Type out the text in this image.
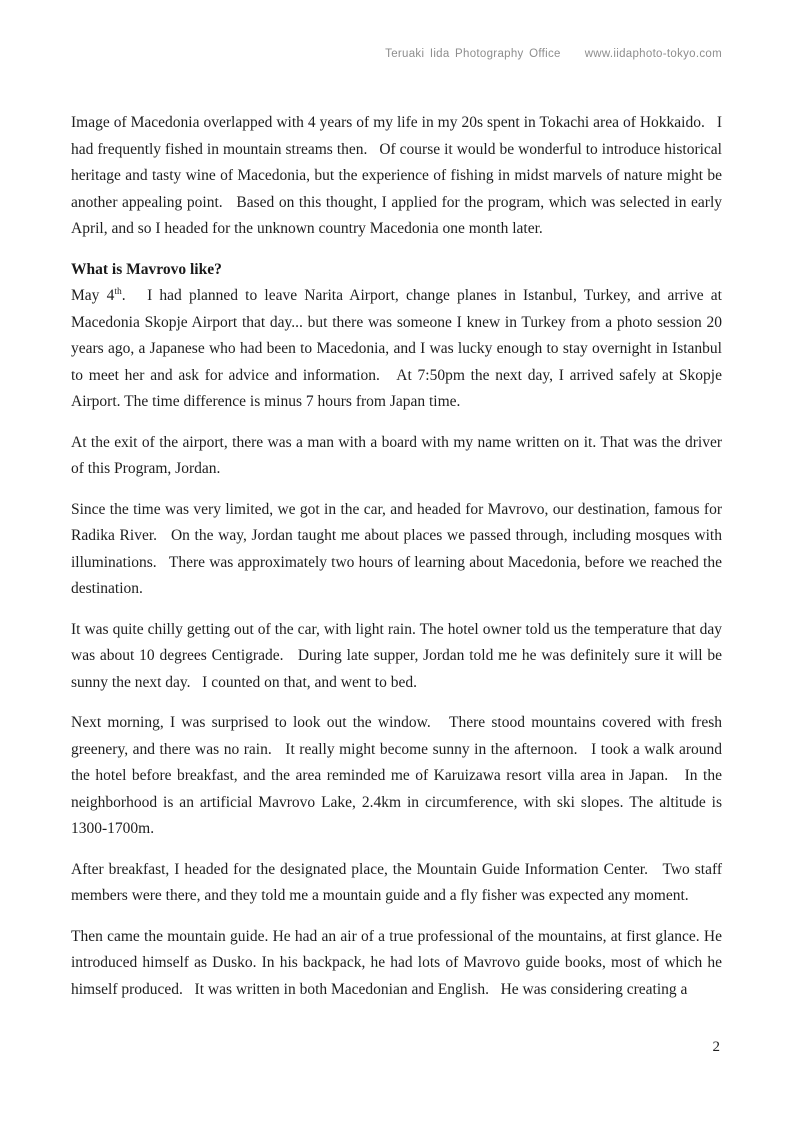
Teruaki Iida Photography Office www.iidaphoto-tokyo.com

Image of Macedonia overlapped with 4 years of my life in my 20s spent in Tokachi area of Hokkaido.   I had frequently fished in mountain streams then.   Of course it would be wonderful to introduce historical heritage and tasty wine of Macedonia, but the experience of fishing in midst marvels of nature might be another appealing point.   Based on this thought, I applied for the program, which was selected in early April, and so I headed for the unknown country Macedonia one month later.

What is Mavrovo like?

May 4th.   I had planned to leave Narita Airport, change planes in Istanbul, Turkey, and arrive at Macedonia Skopje Airport that day... but there was someone I knew in Turkey from a photo session 20 years ago, a Japanese who had been to Macedonia, and I was lucky enough to stay overnight in Istanbul to meet her and ask for advice and information.   At 7:50pm the next day, I arrived safely at Skopje Airport. The time difference is minus 7 hours from Japan time.

At the exit of the airport, there was a man with a board with my name written on it. That was the driver of this Program, Jordan.

Since the time was very limited, we got in the car, and headed for Mavrovo, our destination, famous for Radika River.   On the way, Jordan taught me about places we passed through, including mosques with illuminations.   There was approximately two hours of learning about Macedonia, before we reached the destination.

It was quite chilly getting out of the car, with light rain. The hotel owner told us the temperature that day was about 10 degrees Centigrade.   During late supper, Jordan told me he was definitely sure it will be sunny the next day.   I counted on that, and went to bed.

Next morning, I was surprised to look out the window.   There stood mountains covered with fresh greenery, and there was no rain.   It really might become sunny in the afternoon.   I took a walk around the hotel before breakfast, and the area reminded me of Karuizawa resort villa area in Japan.   In the neighborhood is an artificial Mavrovo Lake, 2.4km in circumference, with ski slopes. The altitude is 1300-1700m.

After breakfast, I headed for the designated place, the Mountain Guide Information Center.   Two staff members were there, and they told me a mountain guide and a fly fisher was expected any moment.

Then came the mountain guide. He had an air of a true professional of the mountains, at first glance. He introduced himself as Dusko. In his backpack, he had lots of Mavrovo guide books, most of which he himself produced.   It was written in both Macedonian and English.   He was considering creating a

2
